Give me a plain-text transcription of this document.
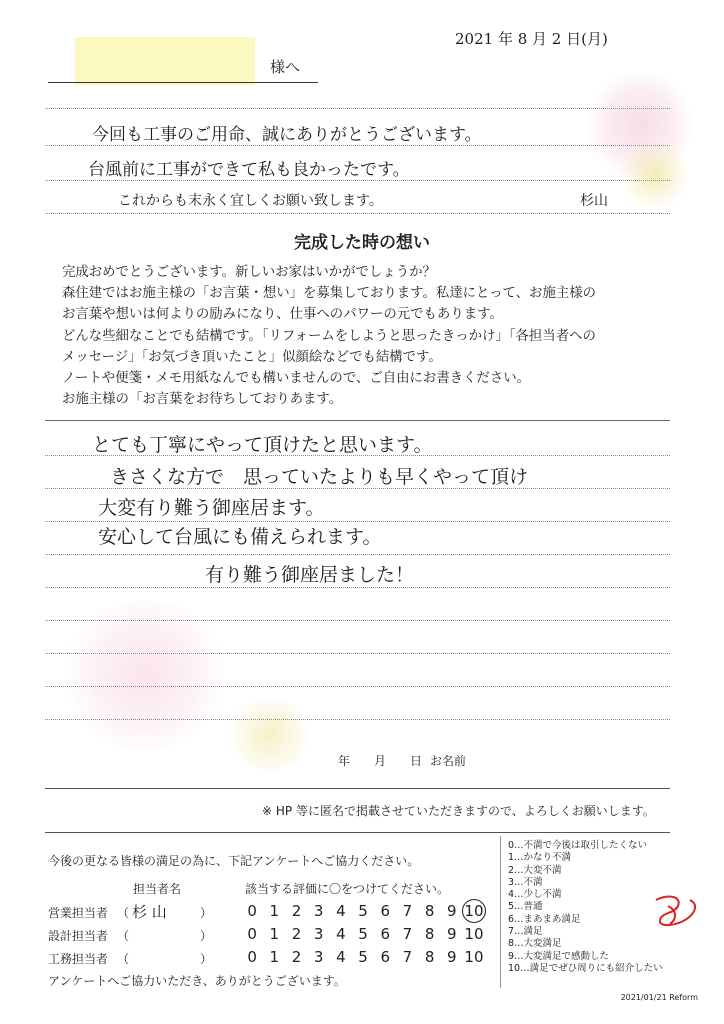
2021 年 8 月 2 日(月)
様へ
今回も工事のご用命、誠にありがとうございます。
台風前に工事ができて私も良かったです。
これからも末永く宜しくお願い致します。	杉山
完成した時の想い
完成おめでとうございます。新しいお家はいかがでしょうか？
森住建ではお施主様の「お言葉・想い」を募集しております。私達にとって、お施主様の
お言葉や想いは何よりの励みになり、仕事へのパワーの元でもあります。
どんな些細なことでも結構です。「リフォームをしようと思ったきっかけ」「各担当者への
メッセージ」「お気づき頂いたこと」似顔絵などでも結構です。
ノートや便箋・メモ用紙なんでも構いませんので、ご自由にお書きください。
お施主様の「お言葉をお待ちしておりあます。
とても丁寧にやって頂けたと思います。
きさくな方で　思っていたよりも早くやって頂け
大変有り難う御座居ます。
安心して台風にも備えられます。
有り難う御座居ました！
年 月 日 お名前
※ HP 等に匿名で掲載させていただきますので、よろしくお願いします。
今後の更なる皆様の満足の為に、下記アンケートへご協力ください。
担当者名	該当する評価に〇をつけてください。
営業担当者 （ 杉 山	）	0 1 2 3 4 5 6 7 8 9 10
設計担当者 （	）	0 1 2 3 4 5 6 7 8 9 10
工務担当者 （	）	0 1 2 3 4 5 6 7 8 9 10
アンケートへご協力いただき、ありがとうございます。
0…不満で今後は取引したくない
1…かなり不満
2…大変不満
3…不満
4…少し不満
5…普通
6…まあまあ満足
7…満足
8…大変満足
9…大変満足で感動した
10…満足でぜひ周りにも紹介したい
2021/01/21 Reform
